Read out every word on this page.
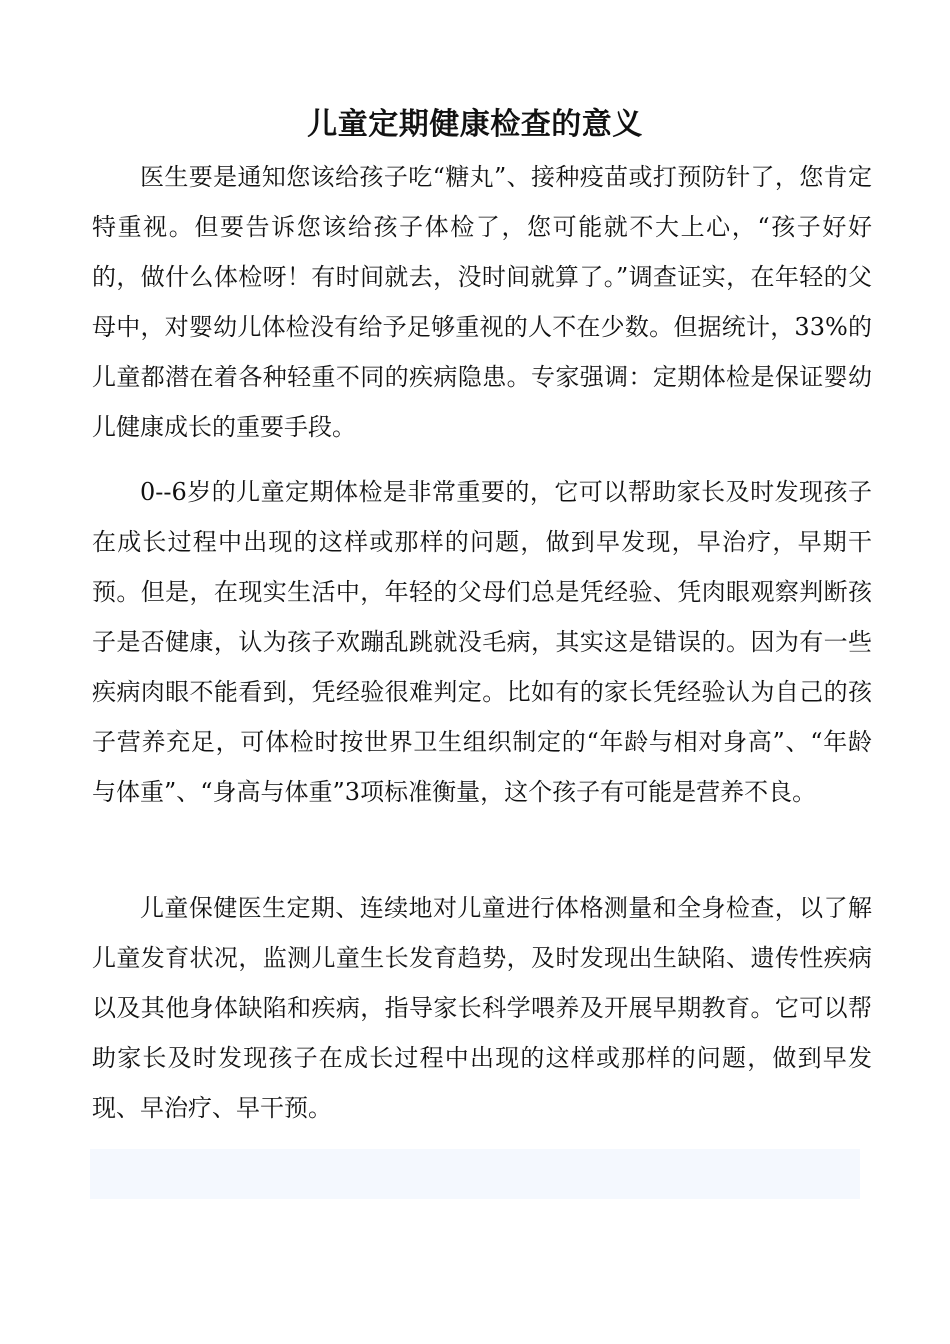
儿童定期健康检查的意义

医生要是通知您该给孩子吃“糖丸”、接种疫苗或打预防针了，您肯定特重视。但要告诉您该给孩子体检了，您可能就不大上心，“孩子好好的，做什么体检呀！有时间就去，没时间就算了。”调查证实，在年轻的父母中，对婴幼儿体检没有给予足够重视的人不在少数。但据统计，33%的儿童都潜在着各种轻重不同的疾病隐患。专家强调：定期体检是保证婴幼儿健康成长的重要手段。

0--6岁的儿童定期体检是非常重要的，它可以帮助家长及时发现孩子在成长过程中出现的这样或那样的问题，做到早发现，早治疗，早期干预。但是，在现实生活中，年轻的父母们总是凭经验、凭肉眼观察判断孩子是否健康，认为孩子欢蹦乱跳就没毛病，其实这是错误的。因为有一些疾病肉眼不能看到，凭经验很难判定。比如有的家长凭经验认为自己的孩子营养充足，可体检时按世界卫生组织制定的“年龄与相对身高”、“年龄与体重”、“身高与体重”3项标准衡量，这个孩子有可能是营养不良。

儿童保健医生定期、连续地对儿童进行体格测量和全身检查，以了解儿童发育状况，监测儿童生长发育趋势，及时发现出生缺陷、遗传性疾病以及其他身体缺陷和疾病，指导家长科学喂养及开展早期教育。它可以帮助家长及时发现孩子在成长过程中出现的这样或那样的问题，做到早发现、早治疗、早干预。
